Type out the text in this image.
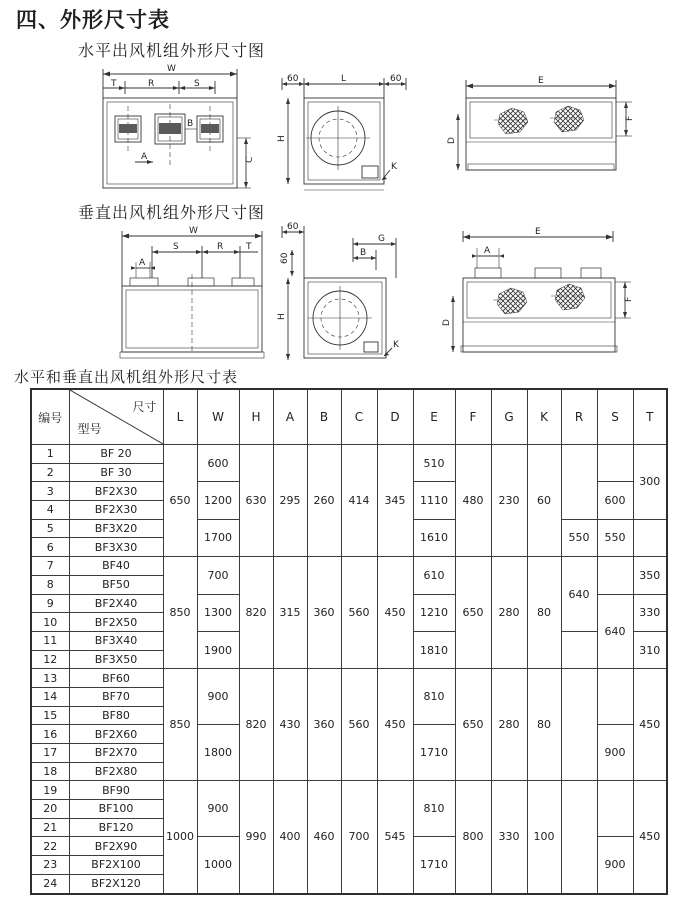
四、外形尺寸表
水平出风机组外形尺寸图
垂直出风机组外形尺寸图
水平和垂直出风机组外形尺寸表
W
T	R	S
A
B
C
60	L	60
H
K
E
F
D
W
S	R	T
A
60
G
B
60
H
K
E
A
F
D
编号	尺寸
型号	L	W	H	A	B	C	D	E	F	G	K	R	S	T
1	BF 20	650	600	630	295	260	414	345	510	480	230	60			300
2	BF 30														
3	BF2X30		1200						1110					600	
4	BF2X30														
5	BF3X20		1700						1610				550	550	
6	BF3X30														
7	BF40	850	700	820	315	360	560	450	610	650	280	80	640		350
8	BF50														
9	BF2X40		1300						1210					640	330
10	BF2X50														
11	BF3X40		1900						1810						310
12	BF3X50														
13	BF60	850	900	820	430	360	560	450	810	650	280	80			450
14	BF70														
15	BF80														
16	BF2X60		1800						1710					900	
17	BF2X70														
18	BF2X80														
19	BF90	1000	900	990	400	460	700	545	810	800	330	100			450
20	BF100														
21	BF120														
22	BF2X90		1000						1710					900	
23	BF2X100														
24	BF2X120														
